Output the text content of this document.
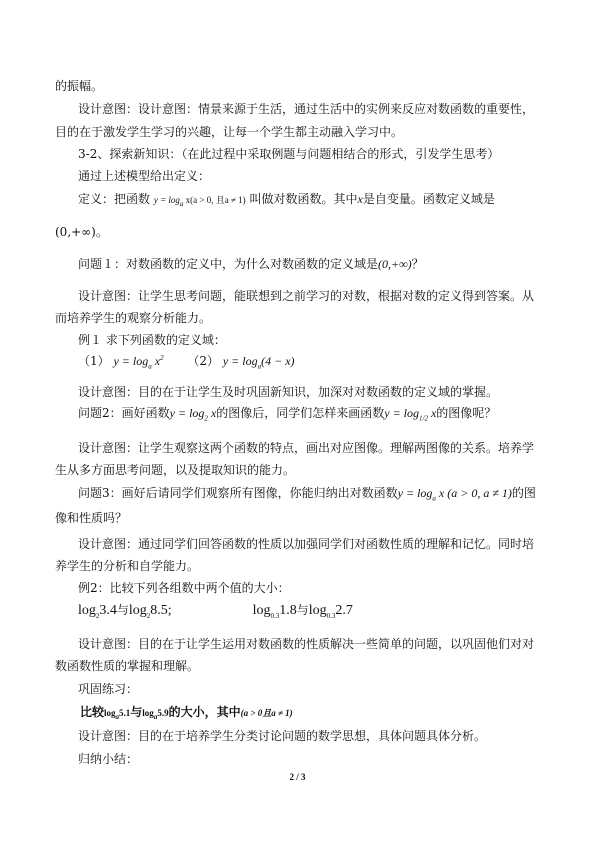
的振幅。
设计意图：设计意图：情景来源于生活，通过生活中的实例来反应对数函数的重要性，
目的在于激发学生学习的兴趣，让每一个学生都主动融入学习中。
3-2、探索新知识：（在此过程中采取例题与问题相结合的形式，引发学生思考）
通过上述模型给出定义：
定义：把函数 $y = \log_a x(a > 0$, 且a ≠ 1) 叫做对数函数。其中x是自变量。函数定义域是
(0,+∞)。
问题１：对数函数的定义中，为什么对数函数的定义域是(0,+∞)？
设计意图：让学生思考问题，能联想到之前学习的对数，根据对数的定义得到答案。从
而培养学生的观察分析能力。
例１ 求下列函数的定义域：
（1） $y = \log_a x^2$ （2） $y = \log_a(4 - x)$
设计意图：目的在于让学生及时巩固新知识，加深对对数函数的定义域的掌握。
问题2：画好函数$y = \log_2 x$的图像后，同学们怎样来画函数$y = \log_{1/2} x$的图像呢？
设计意图：让学生观察这两个函数的特点，画出对应图像。理解两图像的关系。培养学
生从多方面思考问题，以及提取知识的能力。
问题3：画好后请同学们观察所有图像，你能归纳出对数函数$y = \log_a x$ (a > 0, a ≠ 1)的图
像和性质吗？
设计意图：通过同学们回答函数的性质以加强同学们对函数性质的理解和记忆。同时培
养学生的分析和自学能力。
例2：比较下列各组数中两个值的大小：
$\log_23.4$与$\log_28.5$;	$\log_{0.3}1.8$与$\log_{0.3}2.7$
设计意图：目的在于让学生运用对数函数的性质解决一些简单的问题，以巩固他们对对
数函数性质的掌握和理解。
巩固练习：
比较$\log_a5.1$与$\log_a5.9$的大小，其中(a > 0且a ≠ 1)
设计意图：目的在于培养学生分类讨论问题的数学思想，具体问题具体分析。
归纳小结：
2 / 3
